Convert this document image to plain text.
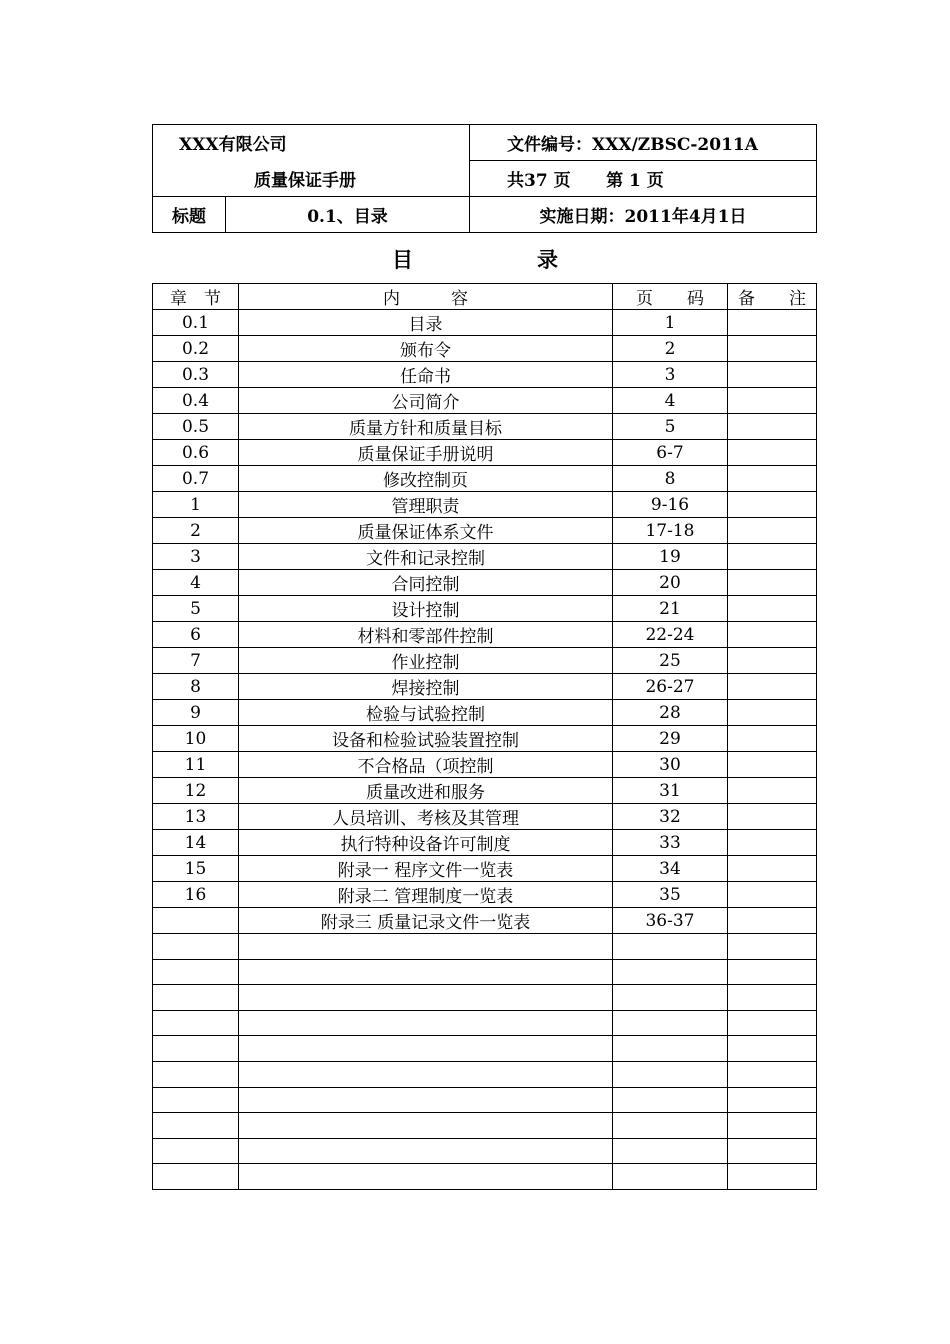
XXX有限公司		文件编号：XXX/ZBSC-2011A
质量保证手册		共37 页      第 1 页
标题	0.1、目录	实施日期：2011年4月1日
目	录
章　节	内　　　容	页　　码	备　　注
0.1	目录	1	
0.2	颁布令	2	
0.3	任命书	3	
0.4	公司简介	4	
0.5	质量方针和质量目标	5	
0.6	质量保证手册说明	6-7	
0.7	修改控制页	8	
1	管理职责	9-16	
2	质量保证体系文件	17-18	
3	文件和记录控制	19	
4	合同控制	20	
5	设计控制	21	
6	材料和零部件控制	22-24	
7	作业控制	25	
8	焊接控制	26-27	
9	检验与试验控制	28	
10	设备和检验试验装置控制	29	
11	不合格品（项控制	30	
12	质量改进和服务	31	
13	人员培训、考核及其管理	32	
14	执行特种设备许可制度	33	
15	附录一 程序文件一览表	34	
16	附录二 管理制度一览表	35	
	附录三 质量记录文件一览表	36-37	
